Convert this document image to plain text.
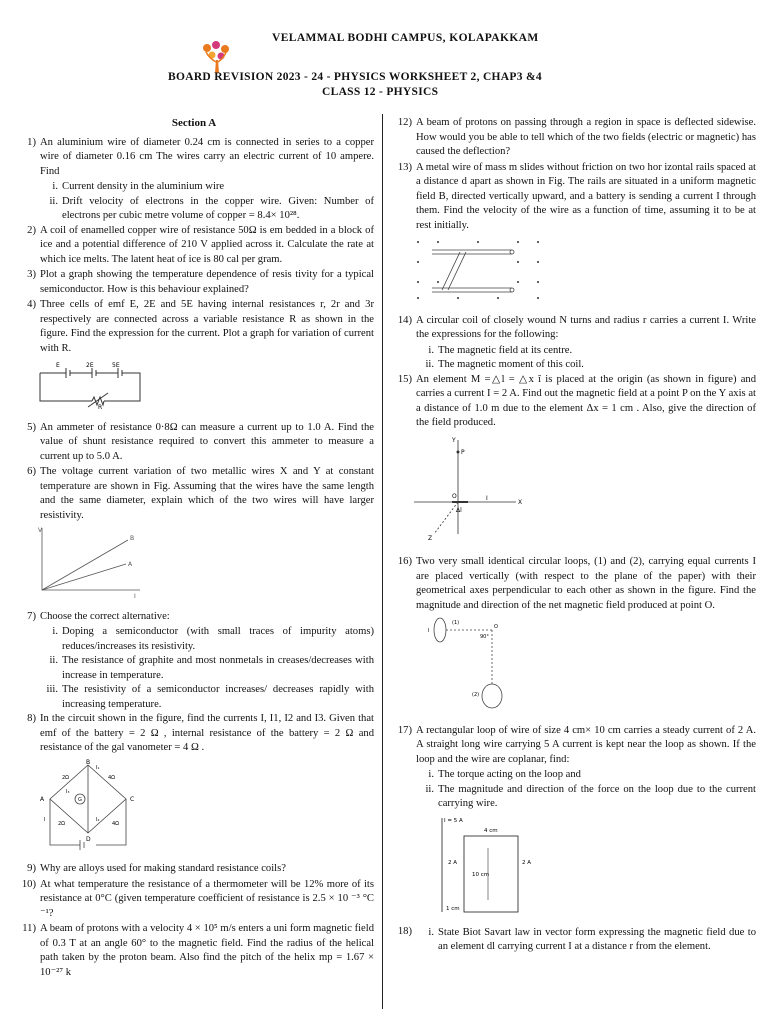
VELAMMAL BODHI CAMPUS, KOLAPAKKAM
BOARD REVISION 2023 - 24 - PHYSICS WORKSHEET 2, CHAP3 &4
CLASS 12 - PHYSICS
Section A
1) An aluminium wire of diameter 0.24 cm is connected in series to a copper wire of diameter 0.16 cm The wires carry an electric current of 10 ampere. Find
i. Current density in the aluminium wire
ii. Drift velocity of electrons in the copper wire. Given: Number of electrons per cubic metre volume of copper = 8.4× 10²⁸.
2) A coil of enamelled copper wire of resistance 50Ω is em bedded in a block of ice and a potential difference of 210 V applied across it. Calculate the rate at which ice melts. The latent heat of ice is 80 cal per gram.
3) Plot a graph showing the temperature dependence of resis tivity for a typical semiconductor. How is this behaviour explained?
4) Three cells of emf E, 2E and 5E having internal resistances r, 2r and 3r respectively are connected across a variable resistance R as shown in the figure. Find the expression for the current. Plot a graph for variation of current with R.
E	2E	5E
R
5) An ammeter of resistance 0·8Ω can measure a current up to 1.0 A. Find the value of shunt resistance required to convert this ammeter to measure a current up to 5.0 A.
6) The voltage current variation of two metallic wires X and Y at constant temperature are shown in Fig. Assuming that the wires have the same length and the same diameter, explain which of the two wires will have larger resistivity.
V
I
B
A
7) Choose the correct alternative:
i. Doping a semiconductor (with small traces of impurity atoms) reduces/increases its resistivity.
ii. The resistance of graphite and most nonmetals in creases/decreases with increase in temperature.
iii. The resistivity of a semiconductor increases/ decreases rapidly with increasing temperature.
8) In the circuit shown in the figure, find the currents I, I1, I2 and I3. Given that emf of the battery = 2 Ω , internal resistance of the battery = 2 Ω and resistance of the gal vanometer = 4 Ω .
B
C
D
A	G
2Ω	4Ω
2Ω	4Ω
I₁
I₂
I₃
I
9) Why are alloys used for making standard resistance coils?
10) At what temperature the resistance of a thermometer will be 12% more of its resistance at 0°C (given temperature coefficient of resistance is 2.5 × 10 ⁻³ °C ⁻¹?
11) A beam of protons with a velocity 4 × 10⁵ m/s enters a uni form magnetic field of 0.3 T at an angle 60° to the magnetic field. Find the radius of the helical path taken by the proton beam. Also find the pitch of the helix mp = 1.67 × 10⁻²⁷ k
12) A beam of protons on passing through a region in space is deflected sidewise. How would you be able to tell which of the two fields (electric or magnetic) has caused the deflection?
13) A metal wire of mass m slides without friction on two hor izontal rails spaced at a distance d apart as shown in Fig. The rails are situated in a uniform magnetic field B, directed vertically upward, and a battery is sending a current I through them. Find the velocity of the wire as a function of time, assuming it to be at rest initially.
14) A circular coil of closely wound N turns and radius r carries a current I. Write the expressions for the following:
i. The magnetic field at its centre.
ii. The magnetic moment of this coil.
15) An element M =△l = △x î is placed at the origin (as shown in figure) and carries a current I = 2 A. Find out the magnetic field at a point P on the Y axis at a distance of 1.0 m due to the element Δx = 1 cm . Also, give the direction of the field produced.
Y
P
O
X
Z
Δl
I
16) Two very small identical circular loops, (1) and (2), carrying equal currents I are placed vertically (with respect to the plane of the paper) with their geometrical axes perpendicular to each other as shown in the figure. Find the magnitude and direction of the net magnetic field produced at point O.
(1)
(2)
O
90°
I
17) A rectangular loop of wire of size 4 cm× 10 cm carries a steady current of 2 A. A straight long wire carrying 5 A current is kept near the loop as shown. If the loop and the wire are coplanar, find:
i. The torque acting on the loop and
ii. The magnitude and direction of the force on the loop due to the current carrying wire.
I = 5 A
4 cm
10 cm
2 A	2 A
1 cm
18)	i. State Biot Savart law in vector form expressing the magnetic field due to an element dl carrying current I at a distance r from the element.
